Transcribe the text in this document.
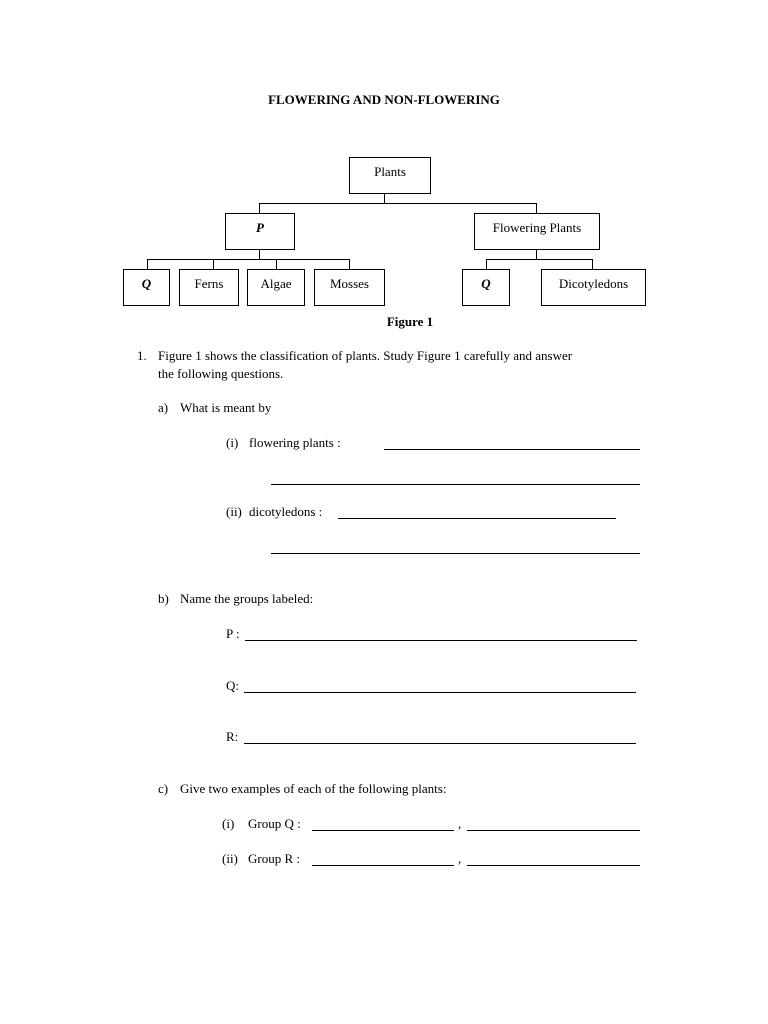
FLOWERING AND NON-FLOWERING
Plants
P	Flowering Plants
Q	Ferns	Algae	Mosses	Q	Dicotyledons
Figure 1
1. Figure 1 shows the classification of plants. Study Figure 1 carefully and answer
the following questions.
a) What is meant by
(i) flowering plants :
(ii) dicotyledons :
b) Name the groups labeled:
P :
Q:
R:
c) Give two examples of each of the following plants:
(i) Group Q :	,
(ii) Group R :	,
